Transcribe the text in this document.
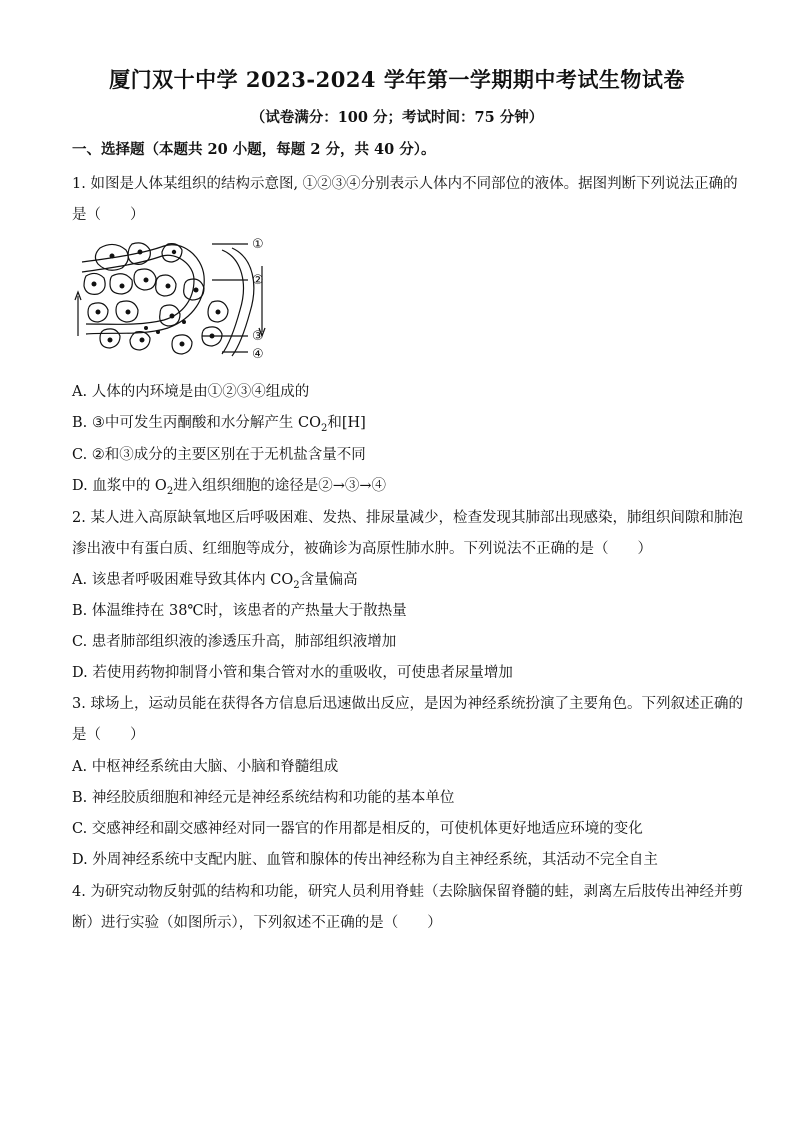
厦门双十中学 2023-2024 学年第一学期期中考试生物试卷
（试卷满分：100 分；考试时间：75 分钟）
一、选择题（本题共 20 小题，每题 2 分，共 40 分）。
1. 如图是人体某组织的结构示意图, ①②③④分别表示人体内不同部位的液体。据图判断下列说法正确的
是（　　）
①
②
③
④
A. 人体的内环境是由①②③④组成的
B. ③中可发生丙酮酸和水分解产生 $CO_2$和[H]
C. ②和③成分的主要区别在于无机盐含量不同
D. 血浆中的 $O_2$进入组织细胞的途径是②→③→④
2. 某人进入高原缺氧地区后呼吸困难、发热、排尿量减少，检查发现其肺部出现感染，肺组织间隙和肺泡
渗出液中有蛋白质、红细胞等成分，被确诊为高原性肺水肿。下列说法不正确的是（　　）
A. 该患者呼吸困难导致其体内 $CO_2$含量偏高
B. 体温维持在 38℃时，该患者的产热量大于散热量
C. 患者肺部组织液的渗透压升高，肺部组织液增加
D. 若使用药物抑制肾小管和集合管对水的重吸收，可使患者尿量增加
3. 球场上，运动员能在获得各方信息后迅速做出反应，是因为神经系统扮演了主要角色。下列叙述正确的
是（　　）
A. 中枢神经系统由大脑、小脑和脊髓组成
B. 神经胶质细胞和神经元是神经系统结构和功能的基本单位
C. 交感神经和副交感神经对同一器官的作用都是相反的，可使机体更好地适应环境的变化
D. 外周神经系统中支配内脏、血管和腺体的传出神经称为自主神经系统，其活动不完全自主
4. 为研究动物反射弧的结构和功能，研究人员利用脊蛙（去除脑保留脊髓的蛙，剥离左后肢传出神经并剪
断）进行实验（如图所示），下列叙述不正确的是（　　）
